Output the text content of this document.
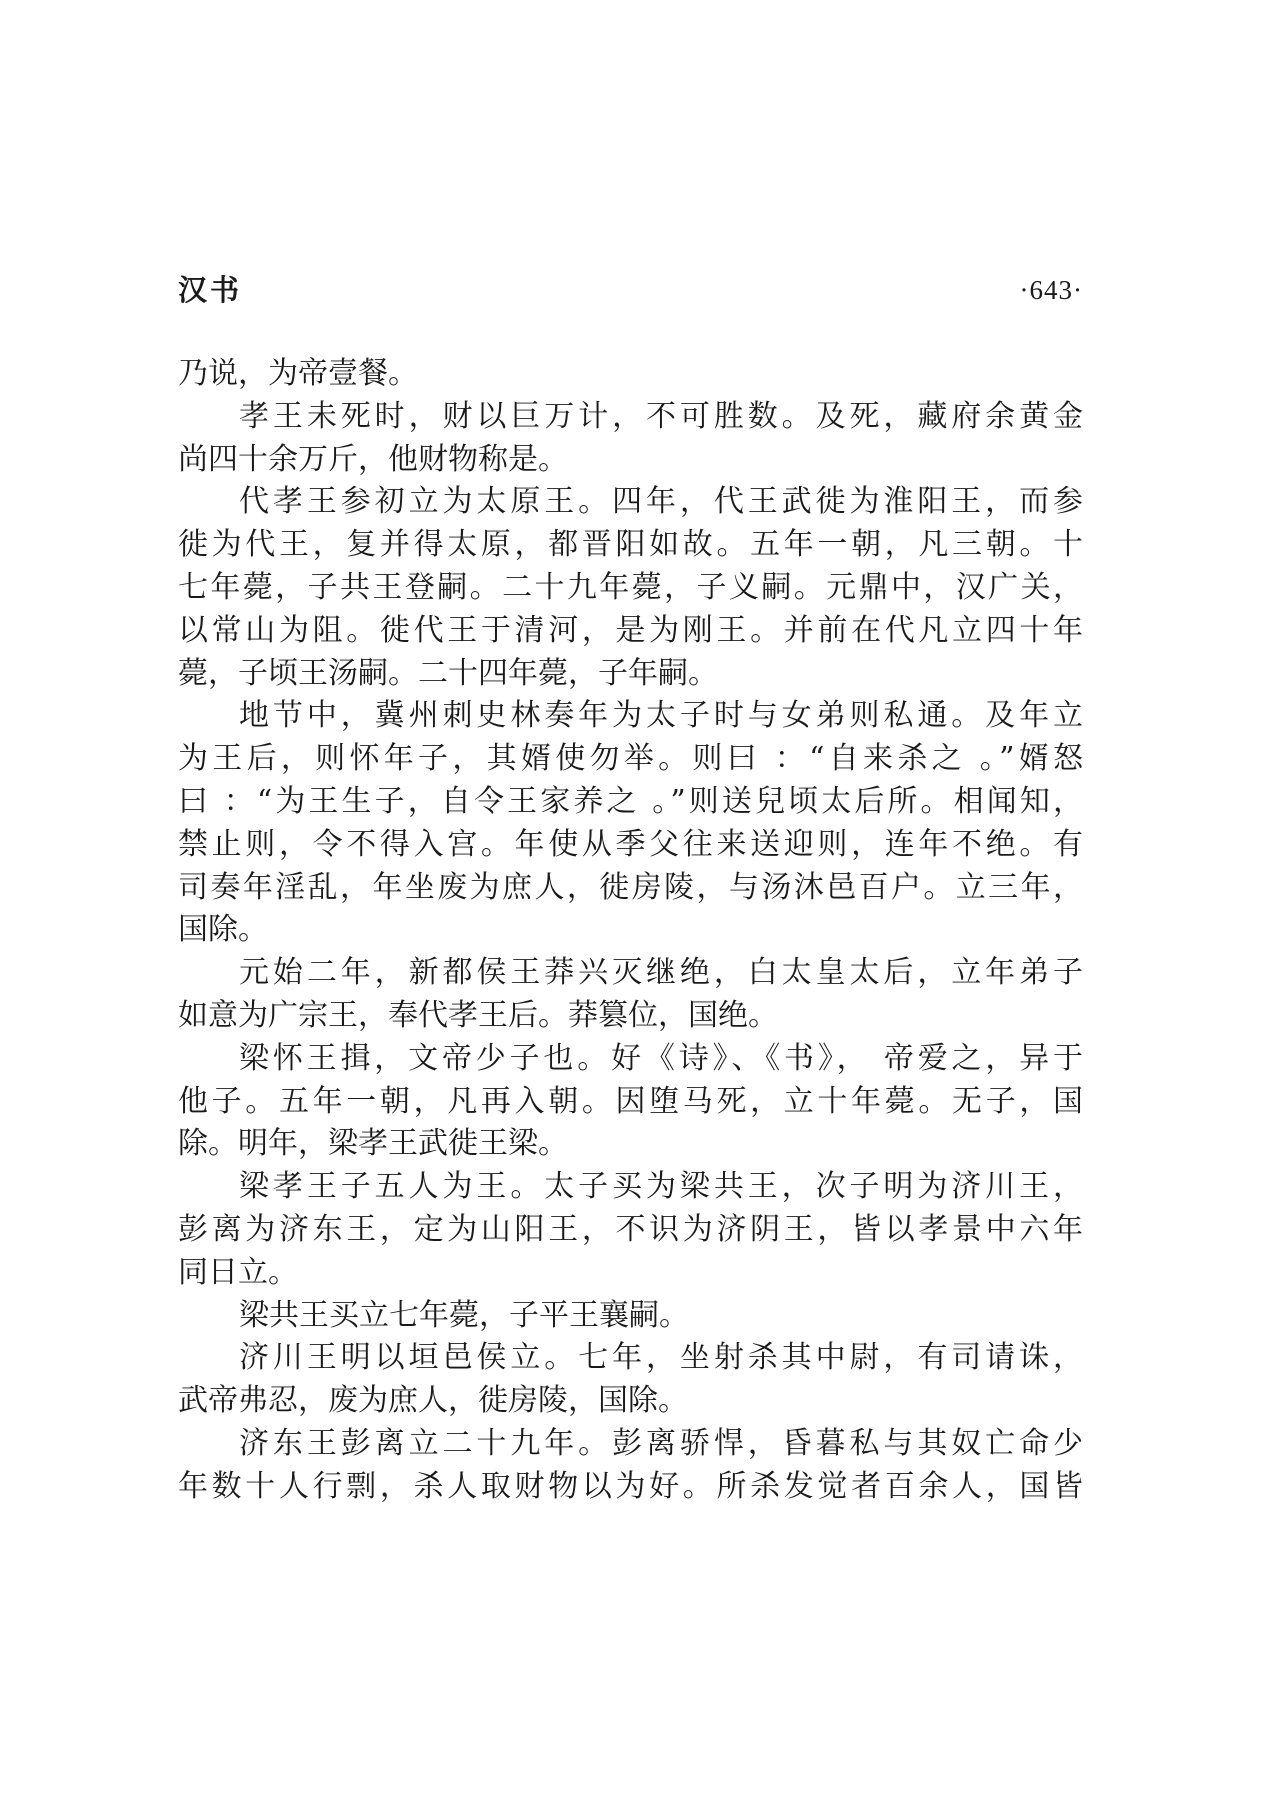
汉书	·643·
乃说，为帝壹餐。
孝王未死时，财以巨万计，不可胜数。及死，藏府余黄金
尚四十余万斤，他财物称是。
代孝王参初立为太原王。四年，代王武徙为淮阳王，而参
徙为代王，复并得太原，都晋阳如故。五年一朝，凡三朝。十
七年薨，子共王登嗣。二十九年薨，子义嗣。元鼎中，汉广关，
以常山为阻。徙代王于清河，是为刚王。并前在代凡立四十年
薨，子顷王汤嗣。二十四年薨，子年嗣。
地节中，冀州刺史林奏年为太子时与女弟则私通。及年立
为王后，则怀年子，其婿使勿举。则曰 ：“自来杀之 。”婿怒
曰 ：“为王生子，自令王家养之 。”则送兒顷太后所。相闻知，
禁止则，令不得入宫。年使从季父往来送迎则，连年不绝。有
司奏年淫乱，年坐废为庶人，徙房陵，与汤沐邑百户。立三年，
国除。
元始二年，新都侯王莽兴灭继绝，白太皇太后，立年弟子
如意为广宗王，奉代孝王后。莽篡位，国绝。
梁怀王揖，文帝少子也。好《诗》、《书》， 帝爱之，异于
他子。五年一朝，凡再入朝。因堕马死，立十年薨。无子，国
除。明年，梁孝王武徙王梁。
梁孝王子五人为王。太子买为梁共王，次子明为济川王，
彭离为济东王，定为山阳王，不识为济阴王，皆以孝景中六年
同日立。
梁共王买立七年薨，子平王襄嗣。
济川王明以垣邑侯立。七年，坐射杀其中尉，有司请诛，
武帝弗忍，废为庶人，徙房陵，国除。
济东王彭离立二十九年。彭离骄悍，昏暮私与其奴亡命少
年数十人行剽，杀人取财物以为好。所杀发觉者百余人，国皆
